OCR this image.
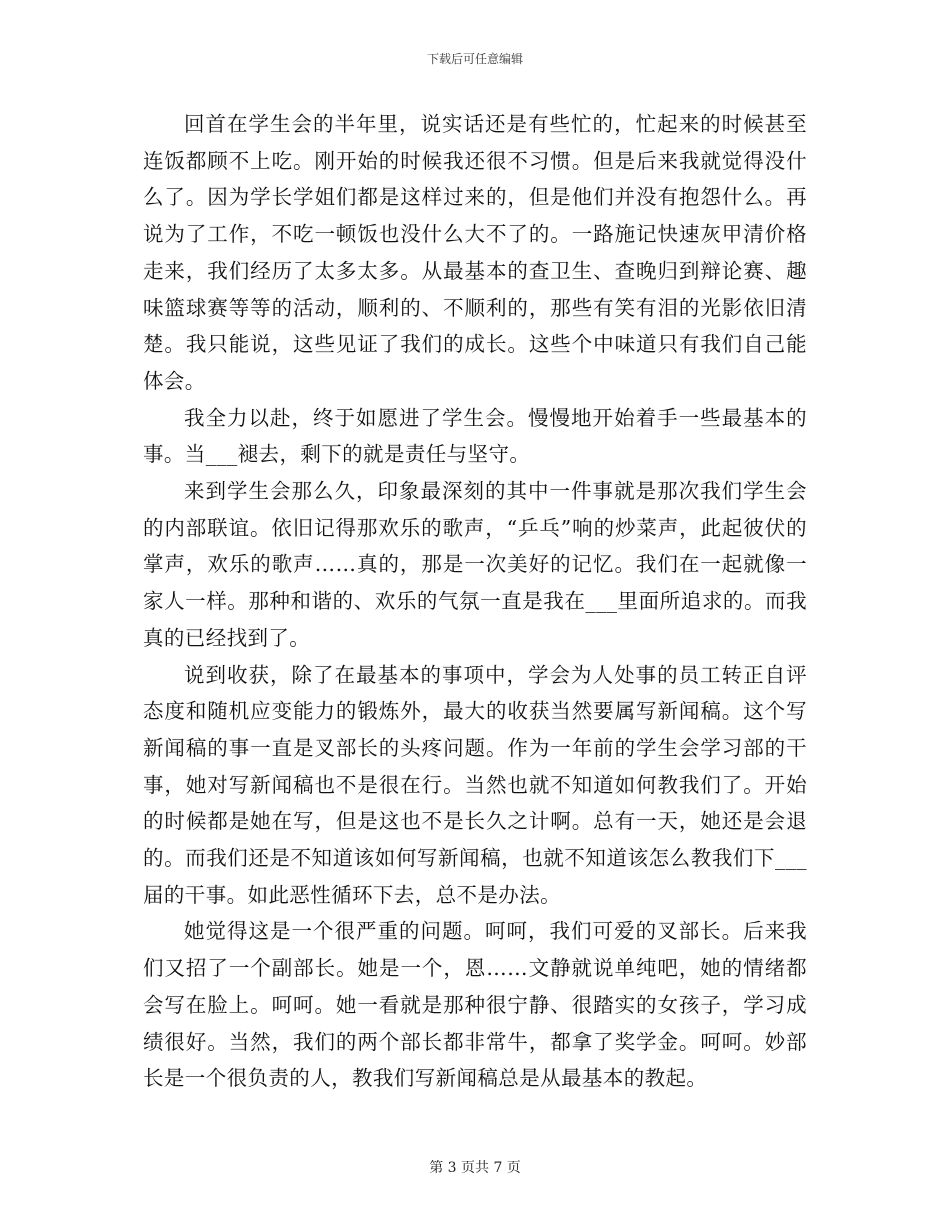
下载后可任意编辑

回首在学生会的半年里，说实话还是有些忙的，忙起来的时候甚至连饭都顾不上吃。刚开始的时候我还很不习惯。但是后来我就觉得没什么了。因为学长学姐们都是这样过来的，但是他们并没有抱怨什么。再说为了工作，不吃一顿饭也没什么大不了的。一路施记快速灰甲清价格走来，我们经历了太多太多。从最基本的查卫生、查晚归到辩论赛、趣味篮球赛等等的活动，顺利的、不顺利的，那些有笑有泪的光影依旧清楚。我只能说，这些见证了我们的成长。这些个中味道只有我们自己能体会。

我全力以赴，终于如愿进了学生会。慢慢地开始着手一些最基本的事。当___褪去，剩下的就是责任与坚守。

来到学生会那么久，印象最深刻的其中一件事就是那次我们学生会的内部联谊。依旧记得那欢乐的歌声，“乒乓”响的炒菜声，此起彼伏的掌声，欢乐的歌声……真的，那是一次美好的记忆。我们在一起就像一家人一样。那种和谐的、欢乐的气氛一直是我在___里面所追求的。而我真的已经找到了。

说到收获，除了在最基本的事项中，学会为人处事的员工转正自评态度和随机应变能力的锻炼外，最大的收获当然要属写新闻稿。这个写新闻稿的事一直是叉部长的头疼问题。作为一年前的学生会学习部的干事，她对写新闻稿也不是很在行。当然也就不知道如何教我们了。开始的时候都是她在写，但是这也不是长久之计啊。总有一天，她还是会退的。而我们还是不知道该如何写新闻稿，也就不知道该怎么教我们下___届的干事。如此恶性循环下去，总不是办法。

她觉得这是一个很严重的问题。呵呵，我们可爱的叉部长。后来我们又招了一个副部长。她是一个，恩……文静就说单纯吧，她的情绪都会写在脸上。呵呵。她一看就是那种很宁静、很踏实的女孩子，学习成绩很好。当然，我们的两个部长都非常牛，都拿了奖学金。呵呵。妙部长是一个很负责的人，教我们写新闻稿总是从最基本的教起。

第 3 页共 7 页
